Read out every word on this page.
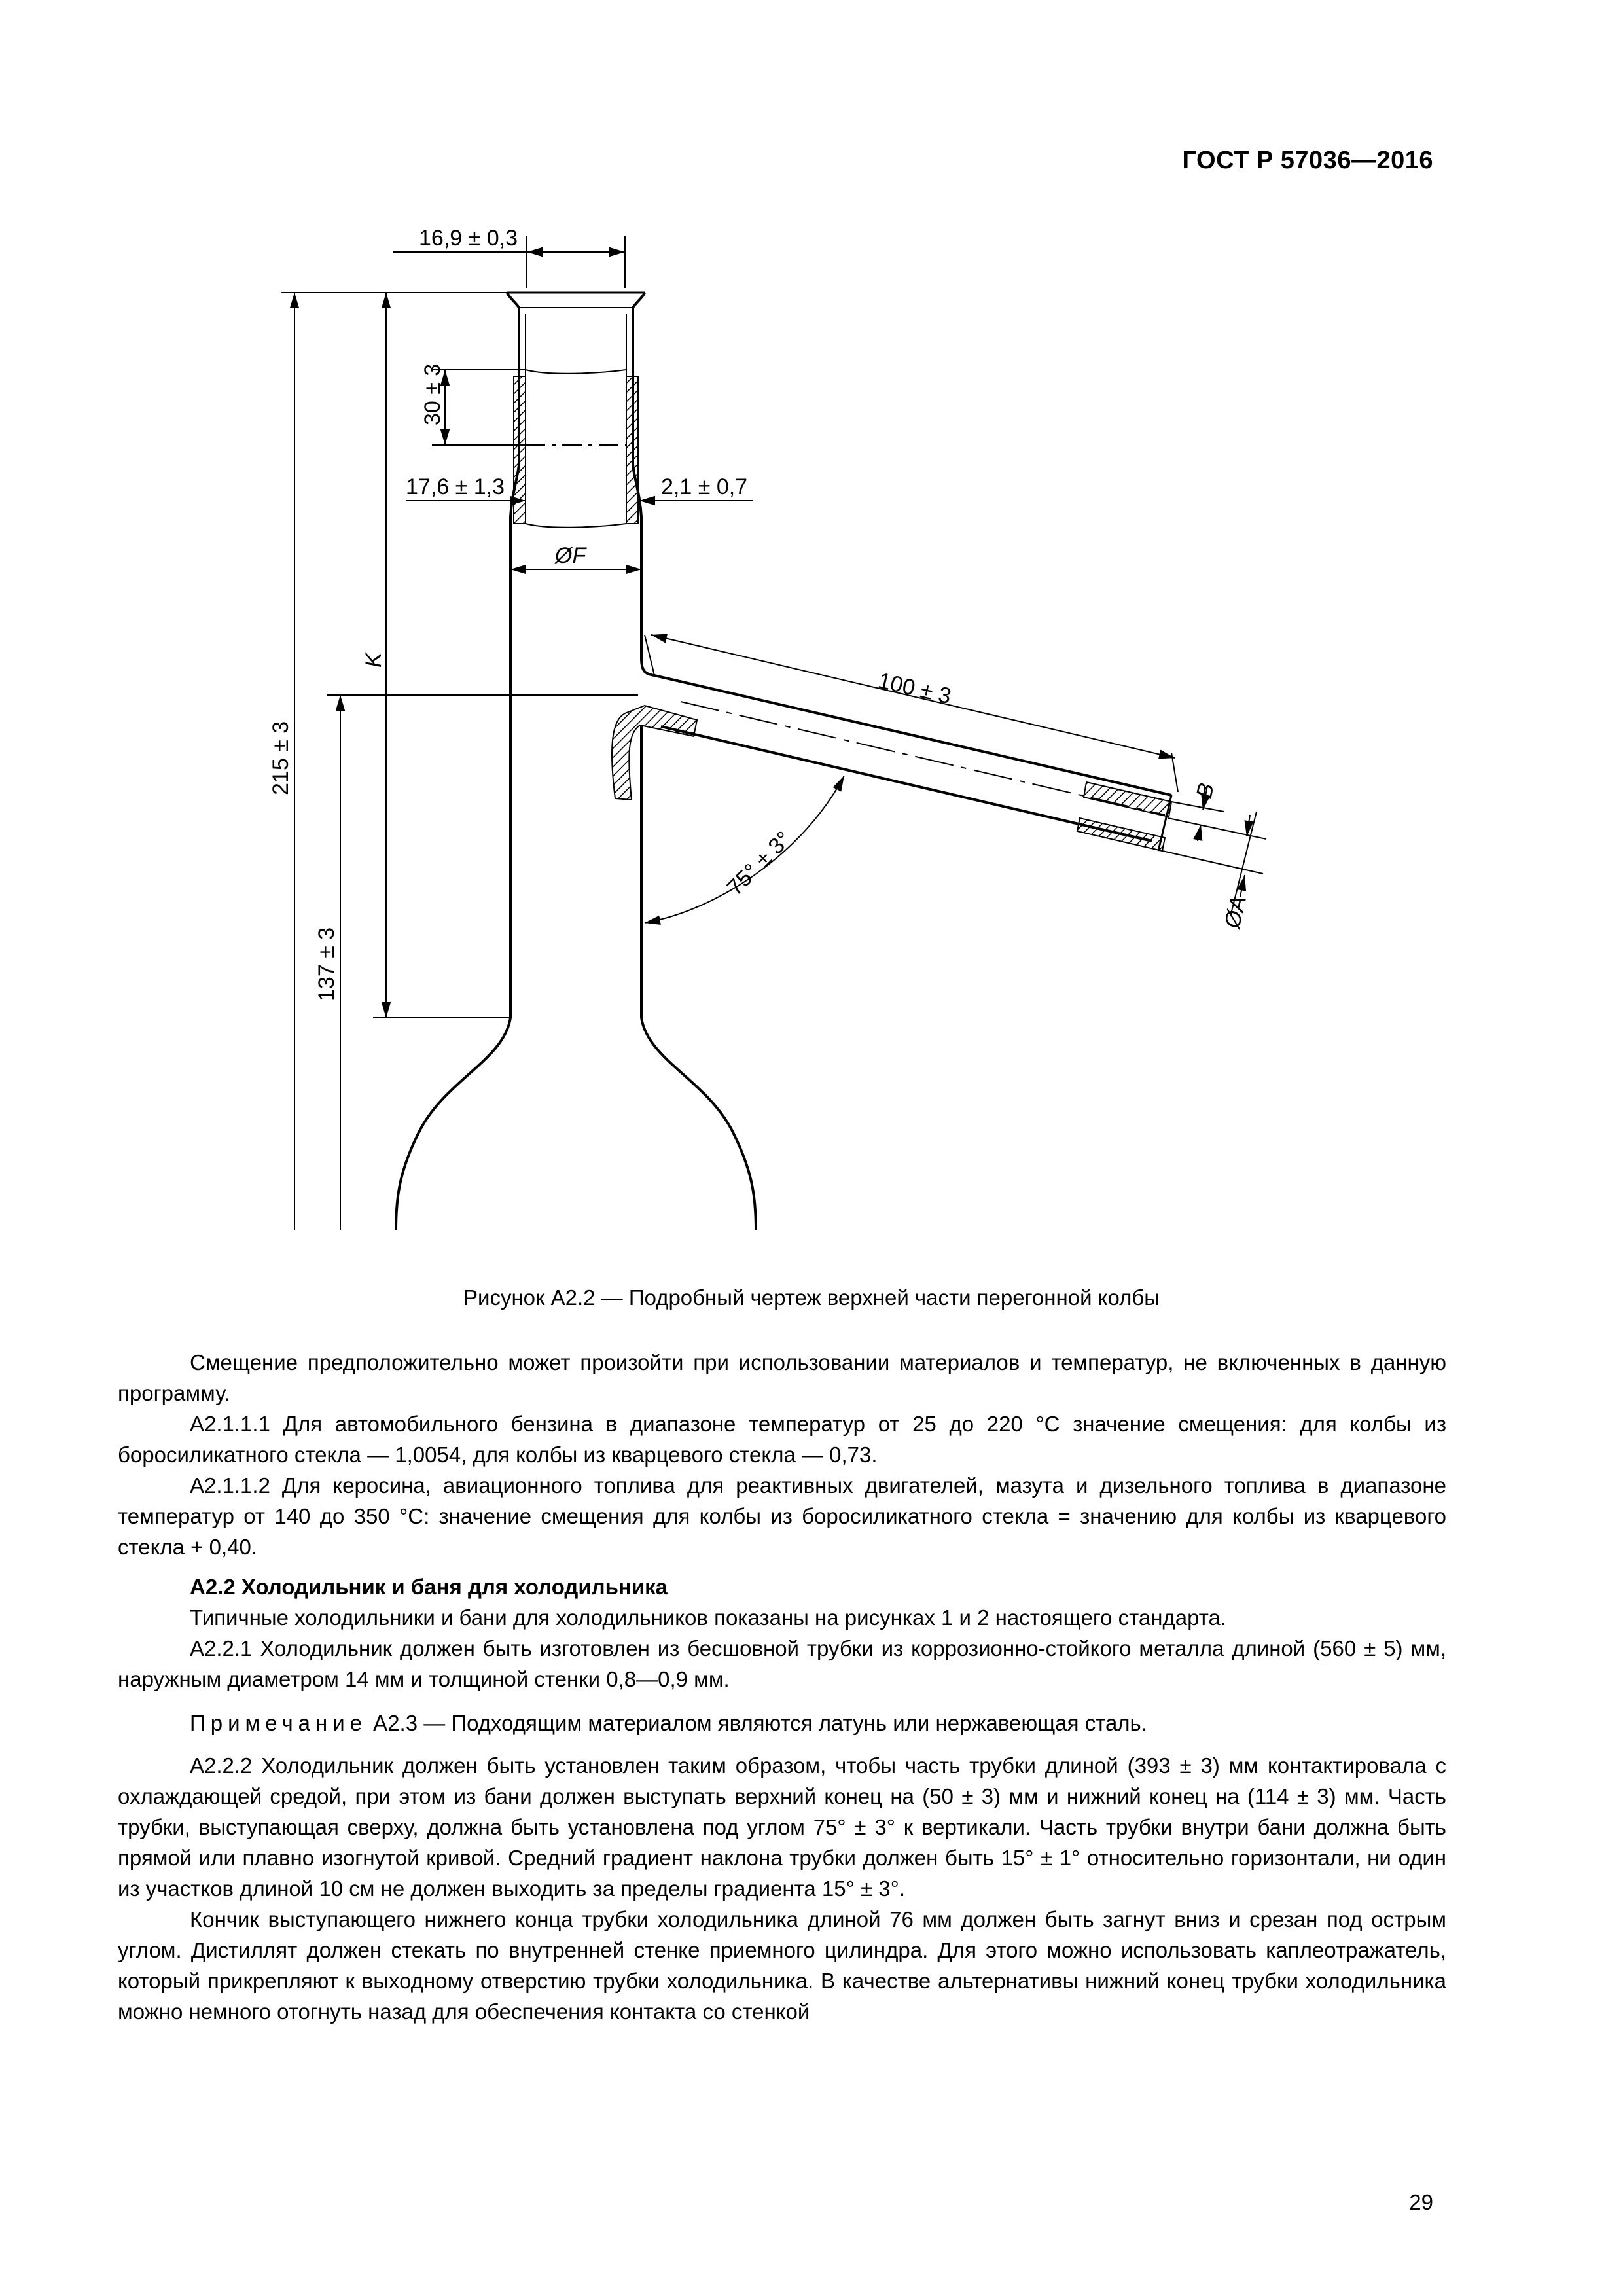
ГОСТ Р 57036—2016
16,9 ± 0,3
30 ± 3
17,6 ± 1,3	2,1 ± 0,7
ØF
215 ± 3
K
137 ± 3
100 ± 3
75° ± 3°
B
ØA
Рисунок А2.2 — Подробный чертеж верхней части перегонной колбы

Смещение предположительно может произойти при использовании материалов и температур, не включенных в данную программу.

А2.1.1.1 Для автомобильного бензина в диапазоне температур от 25 до 220 °С значение смещения: для колбы из боросиликатного стекла — 1,0054, для колбы из кварцевого стекла — 0,73.

А2.1.1.2 Для керосина, авиационного топлива для реактивных двигателей, мазута и дизельного топлива в диапазоне температур от 140 до 350 °С: значение смещения для колбы из боросиликатного стекла = значению для колбы из кварцевого стекла + 0,40.

А2.2 Холодильник и баня для холодильника

Типичные холодильники и бани для холодильников показаны на рисунках 1 и 2 настоящего стандарта.

А2.2.1 Холодильник должен быть изготовлен из бесшовной трубки из коррозионно-стойкого металла длиной (560 ± 5) мм, наружным диаметром 14 мм и толщиной стенки 0,8—0,9 мм.

Примечание А2.3 — Подходящим материалом являются латунь или нержавеющая сталь.

А2.2.2 Холодильник должен быть установлен таким образом, чтобы часть трубки длиной (393 ± 3) мм контактировала с охлаждающей средой, при этом из бани должен выступать верхний конец на (50 ± 3) мм и нижний конец на (114 ± 3) мм. Часть трубки, выступающая сверху, должна быть установлена под углом 75° ± 3° к вертикали. Часть трубки внутри бани должна быть прямой или плавно изогнутой кривой. Средний градиент наклона трубки должен быть 15° ± 1° относительно горизонтали, ни один из участков длиной 10 см не должен выходить за пределы градиента 15° ± 3°.

Кончик выступающего нижнего конца трубки холодильника длиной 76 мм должен быть загнут вниз и срезан под острым углом. Дистиллят должен стекать по внутренней стенке приемного цилиндра. Для этого можно использовать каплеотражатель, который прикрепляют к выходному отверстию трубки холодильника. В качестве альтернативы нижний конец трубки холодильника можно немного отогнуть назад для обеспечения контакта со стенкой

29
